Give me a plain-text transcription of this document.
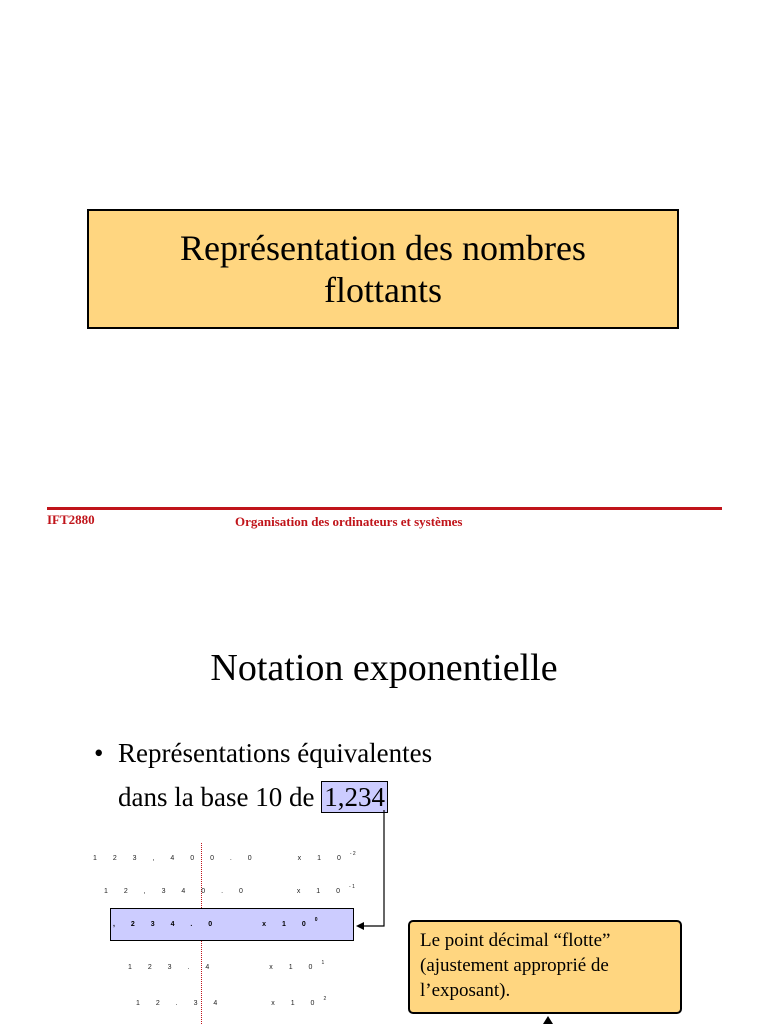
Représentation des nombres flottants
IFT2880	Organisation des ordinateurs et systèmes
Notation exponentielle
• Représentations équivalentes
dans la base 10 de 1,234
1 2 3 , 4 0 0 . 0	x 1 $0^{- 2}$
1 2 , 3 4 0 . 0	x 1 $0^{- 1}$
, 2 3 4 . 0	x 1 $0^0$
1 2 3 . 4	x 1 $0^1$
1 2 . 3 4	x 1 $0^2$
Le point décimal “flotte” (ajustement approprié de l’exposant).
